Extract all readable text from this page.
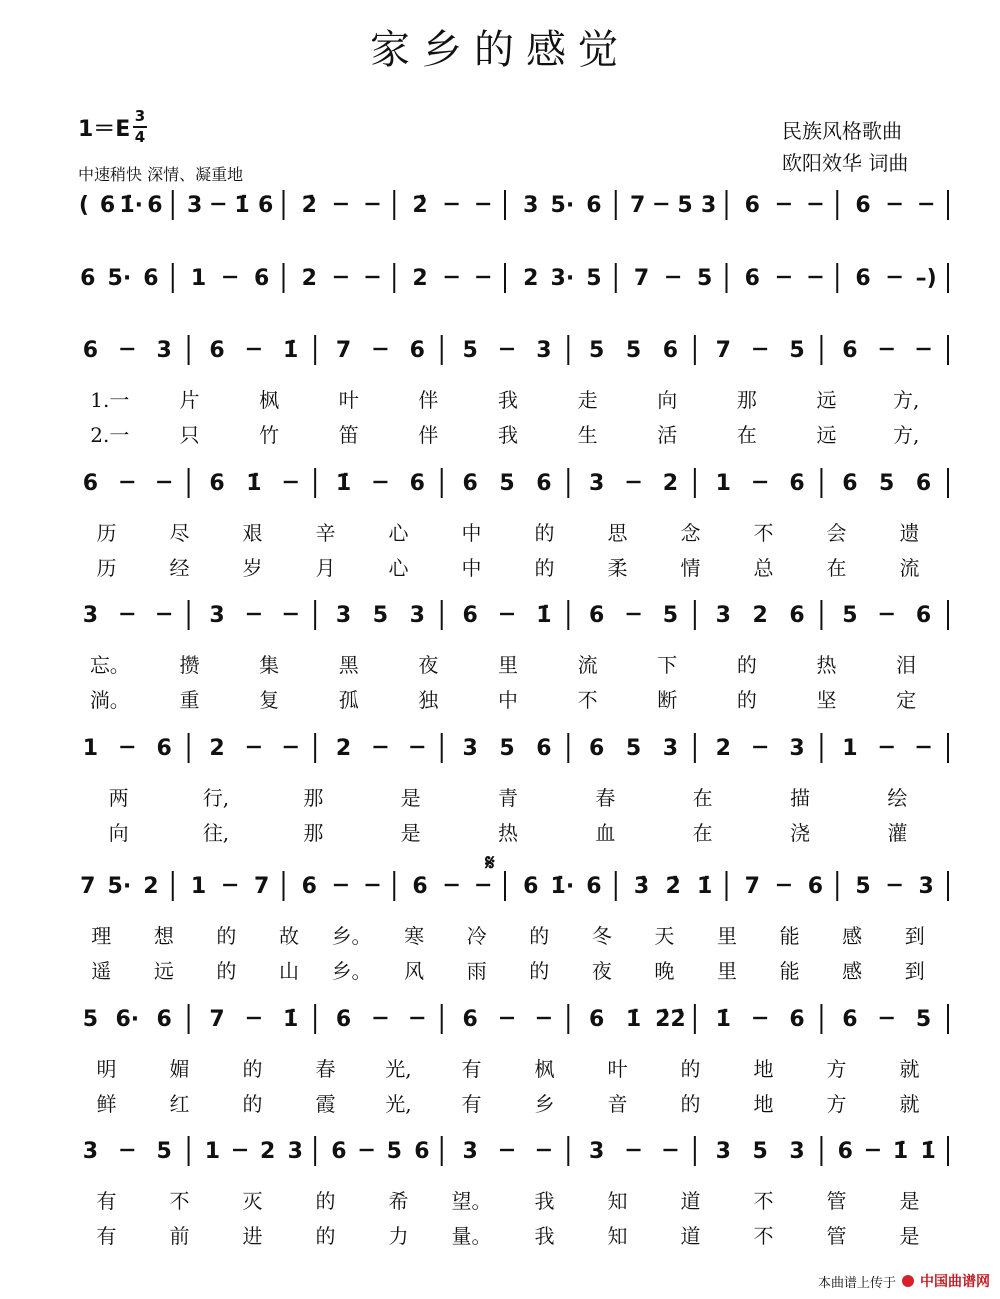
家乡的感觉
1＝E
3
4
中速稍快 深情、凝重地
民族风格歌曲
欧阳效华 词曲
( 6 1̇· 6 3 1̇ 6 2̇	2̇	3 5· 6 7 5 3 6	6
6 5· 6 1 6 2	2	2 3· 5 7 5 6	6 –)
6	3 6	1̇ 7	6 5	3 5 5 6 7	5 6
1.一	片	枫	叶	伴	我	走	向	那	远	方,
2.一	只	竹	笛	伴	我	生	活	在	远	方,
6	6 1̇	1̇	6 6 5 6 3	2 1	6 6 5 6
历	尽	艰	辛	心	中	的	思	念	不	会	遗
历	经	岁	月	心	中	的	柔	情	总	在	流
3	3	3 5 3 6	1̇ 6	5 3 2 6 5	6
忘。 攒	集	黑	夜	里	流	下	的	热	泪
淌。 重	复	孤	独	中	不	断	的	坚	定
1	6 2	2	3 5 6 6 5 3 2	3 1
两	行,	那	是	青	春	在	描	绘
向	往,	那	是	热	血	在	浇	灌
7 5· 2 1 7 6	6	6 1̇· 6 3̇ 2̇ 1̇ 7 6 5 3
理 想 的 故 乡。 寒 冷 的 冬 天 里 能 感 到
遥 远 的 山 乡。 风 雨 的 夜 晚 里 能 感 到
5 6· 6 7	1̇ 6	6	6 1̇ 2̇2̇ 1̇	6 6	5
明	媚	的	春 光, 有	枫	叶	的	地	方	就
鲜	红	的	霞 光, 有	乡	音	的	地	方	就
3	5 1 2 3 6 5 6 3	3	3 5 3 6 1̇ 1̇
有	不	灭	的	希 望。 我	知	道	不	管	是
有	前	进	的	力 量。 我	知	道	不	管	是
𝄋
本曲谱上传于 中国曲谱网
